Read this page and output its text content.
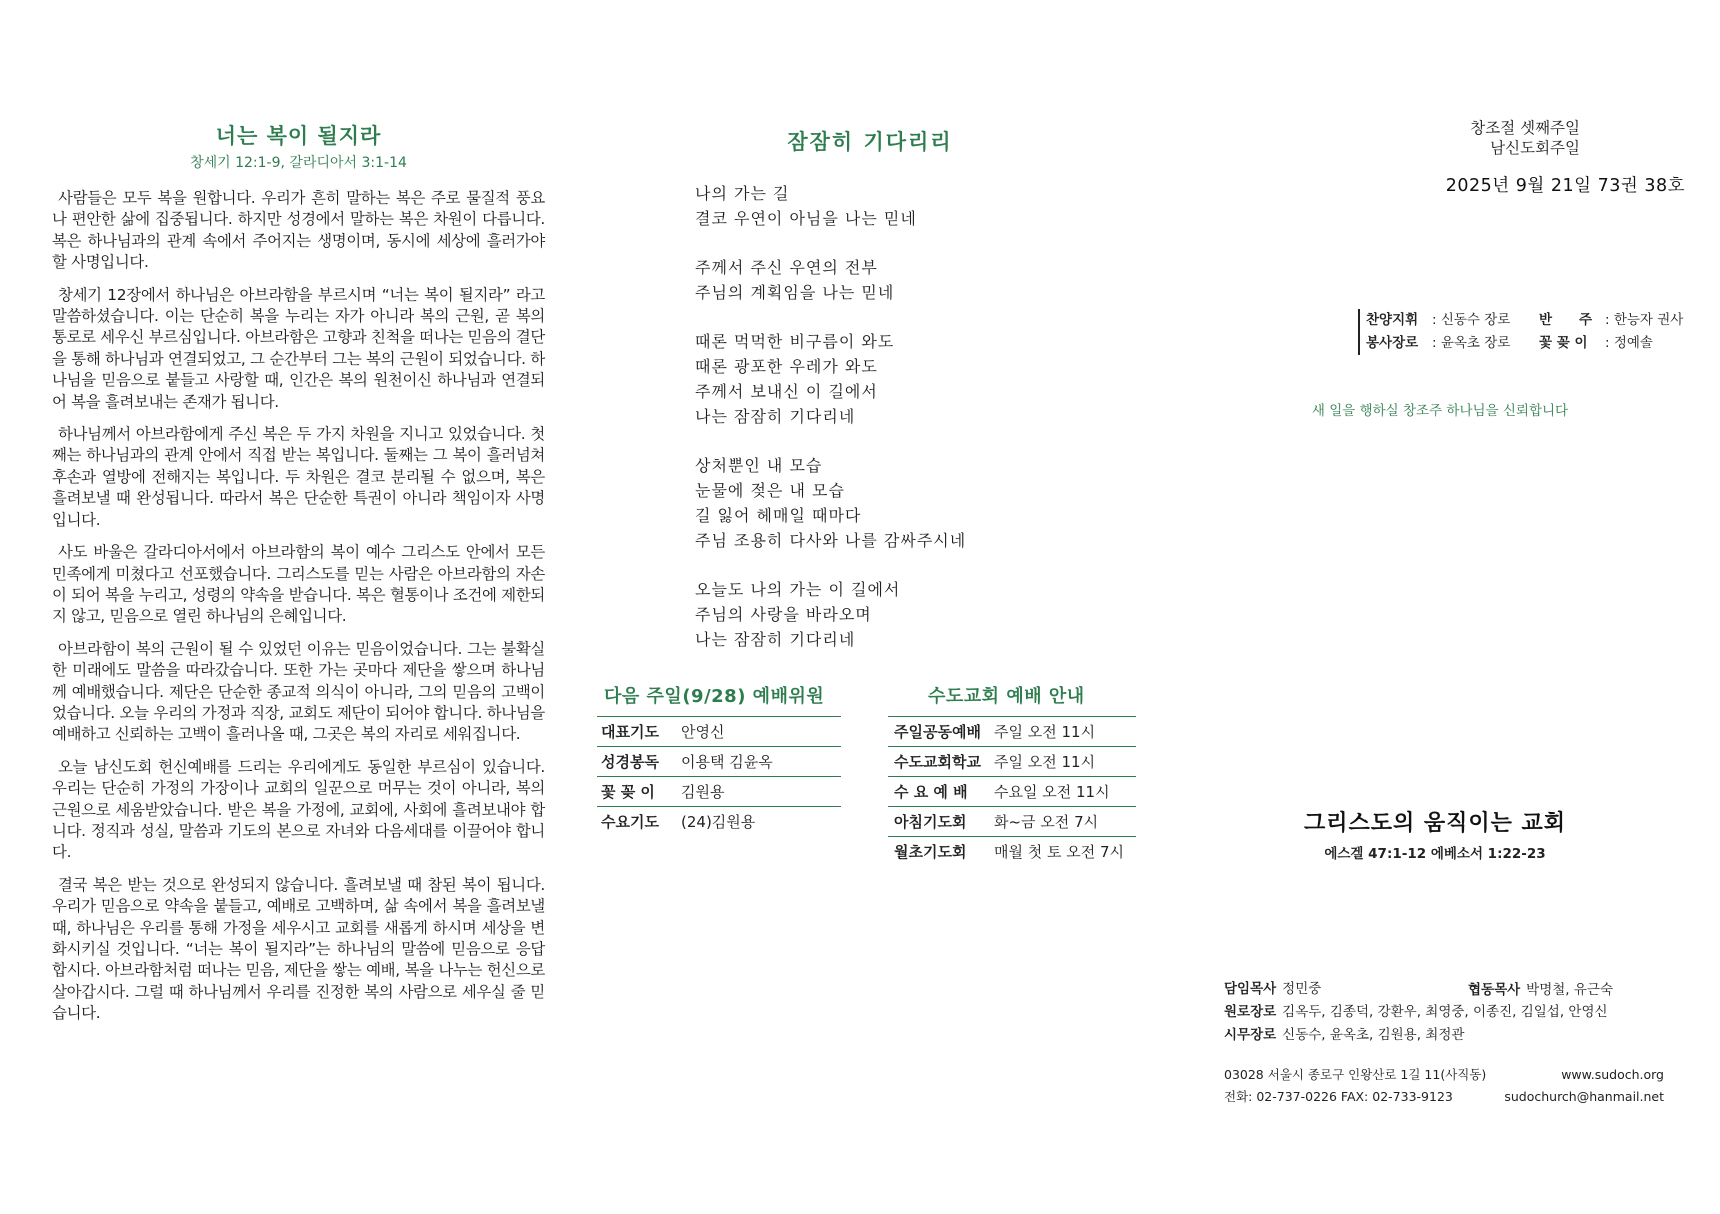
너는 복이 될지라
창세기 12:1-9, 갈라디아서 3:1-14

사람들은 모두 복을 원합니다. 우리가 흔히 말하는 복은 주로 물질적 풍요나 편안한 삶에 집중됩니다. 하지만 성경에서 말하는 복은 차원이 다릅니다. 복은 하나님과의 관계 속에서 주어지는 생명이며, 동시에 세상에 흘러가야 할 사명입니다.

창세기 12장에서 하나님은 아브라함을 부르시며 “너는 복이 될지라” 라고 말씀하셨습니다. 이는 단순히 복을 누리는 자가 아니라 복의 근원, 곧 복의 통로로 세우신 부르심입니다. 아브라함은 고향과 친척을 떠나는 믿음의 결단을 통해 하나님과 연결되었고, 그 순간부터 그는 복의 근원이 되었습니다. 하나님을 믿음으로 붙들고 사랑할 때, 인간은 복의 원천이신 하나님과 연결되어 복을 흘려보내는 존재가 됩니다.

하나님께서 아브라함에게 주신 복은 두 가지 차원을 지니고 있었습니다. 첫째는 하나님과의 관계 안에서 직접 받는 복입니다. 둘째는 그 복이 흘러넘쳐 후손과 열방에 전해지는 복입니다. 두 차원은 결코 분리될 수 없으며, 복은 흘려보낼 때 완성됩니다. 따라서 복은 단순한 특권이 아니라 책임이자 사명입니다.

사도 바울은 갈라디아서에서 아브라함의 복이 예수 그리스도 안에서 모든 민족에게 미쳤다고 선포했습니다. 그리스도를 믿는 사람은 아브라함의 자손이 되어 복을 누리고, 성령의 약속을 받습니다. 복은 혈통이나 조건에 제한되지 않고, 믿음으로 열린 하나님의 은혜입니다.

아브라함이 복의 근원이 될 수 있었던 이유는 믿음이었습니다. 그는 불확실한 미래에도 말씀을 따라갔습니다. 또한 가는 곳마다 제단을 쌓으며 하나님께 예배했습니다. 제단은 단순한 종교적 의식이 아니라, 그의 믿음의 고백이었습니다. 오늘 우리의 가정과 직장, 교회도 제단이 되어야 합니다. 하나님을 예배하고 신뢰하는 고백이 흘러나올 때, 그곳은 복의 자리로 세워집니다.

오늘 남신도회 헌신예배를 드리는 우리에게도 동일한 부르심이 있습니다. 우리는 단순히 가정의 가장이나 교회의 일꾼으로 머무는 것이 아니라, 복의 근원으로 세움받았습니다. 받은 복을 가정에, 교회에, 사회에 흘려보내야 합니다. 정직과 성실, 말씀과 기도의 본으로 자녀와 다음세대를 이끌어야 합니다.

결국 복은 받는 것으로 완성되지 않습니다. 흘려보낼 때 참된 복이 됩니다. 우리가 믿음으로 약속을 붙들고, 예배로 고백하며, 삶 속에서 복을 흘려보낼 때, 하나님은 우리를 통해 가정을 세우시고 교회를 새롭게 하시며 세상을 변화시키실 것입니다. “너는 복이 될지라”는 하나님의 말씀에 믿음으로 응답합시다. 아브라함처럼 떠나는 믿음, 제단을 쌓는 예배, 복을 나누는 헌신으로 살아갑시다. 그럴 때 하나님께서 우리를 진정한 복의 사람으로 세우실 줄 믿습니다.

잠잠히 기다리리
나의 가는 길
결코 우연이 아님을 나는 믿네
주께서 주신 우연의 전부
주님의 계획임을 나는 믿네
때론 먹먹한 비구름이 와도
때론 광포한 우레가 와도
주께서 보내신 이 길에서
나는 잠잠히 기다리네
상처뿐인 내 모습
눈물에 젖은 내 모습
길 잃어 헤매일 때마다
주님 조용히 다사와 나를 감싸주시네
오늘도 나의 가는 이 길에서
주님의 사랑을 바라오며
나는 잠잠히 기다리네
다음 주일(9/28) 예배위원
대표기도	안영신
성경봉독	이용택 김윤옥
꽃 꽂 이	김원용
수요기도	(24)김원용
수도교회 예배 안내
주일공동예배 주일 오전 11시
수도교회학교 주일 오전 11시
수 요 예 배	수요일 오전 11시
아침기도회	화~금 오전 7시
월초기도회	매월 첫 토 오전 7시
창조절 셋째주일
남신도회주일
2025년 9월 21일 73권 38호
찬양지휘	: 신동수 장로	반　　주 : 한능자 권사
봉사장로	: 윤옥초 장로	꽃 꽂 이	: 정예솔
새 일을 행하실 창조주 하나님을 신뢰합니다
그리스도의 움직이는 교회
에스겔 47:1-12 에베소서 1:22-23
담임목사 정민중
원로장로 김옥두, 김종덕, 강환우, 최영중, 이종진, 김일섭, 안영신
시무장로 신동수, 윤옥초, 김원용, 최정관
협동목사 박명철, 유근숙
03028 서울시 종로구 인왕산로 1길 11(사직동)	www.sudoch.org
전화: 02-737-0226 FAX: 02-733-9123	sudochurch@hanmail.net
